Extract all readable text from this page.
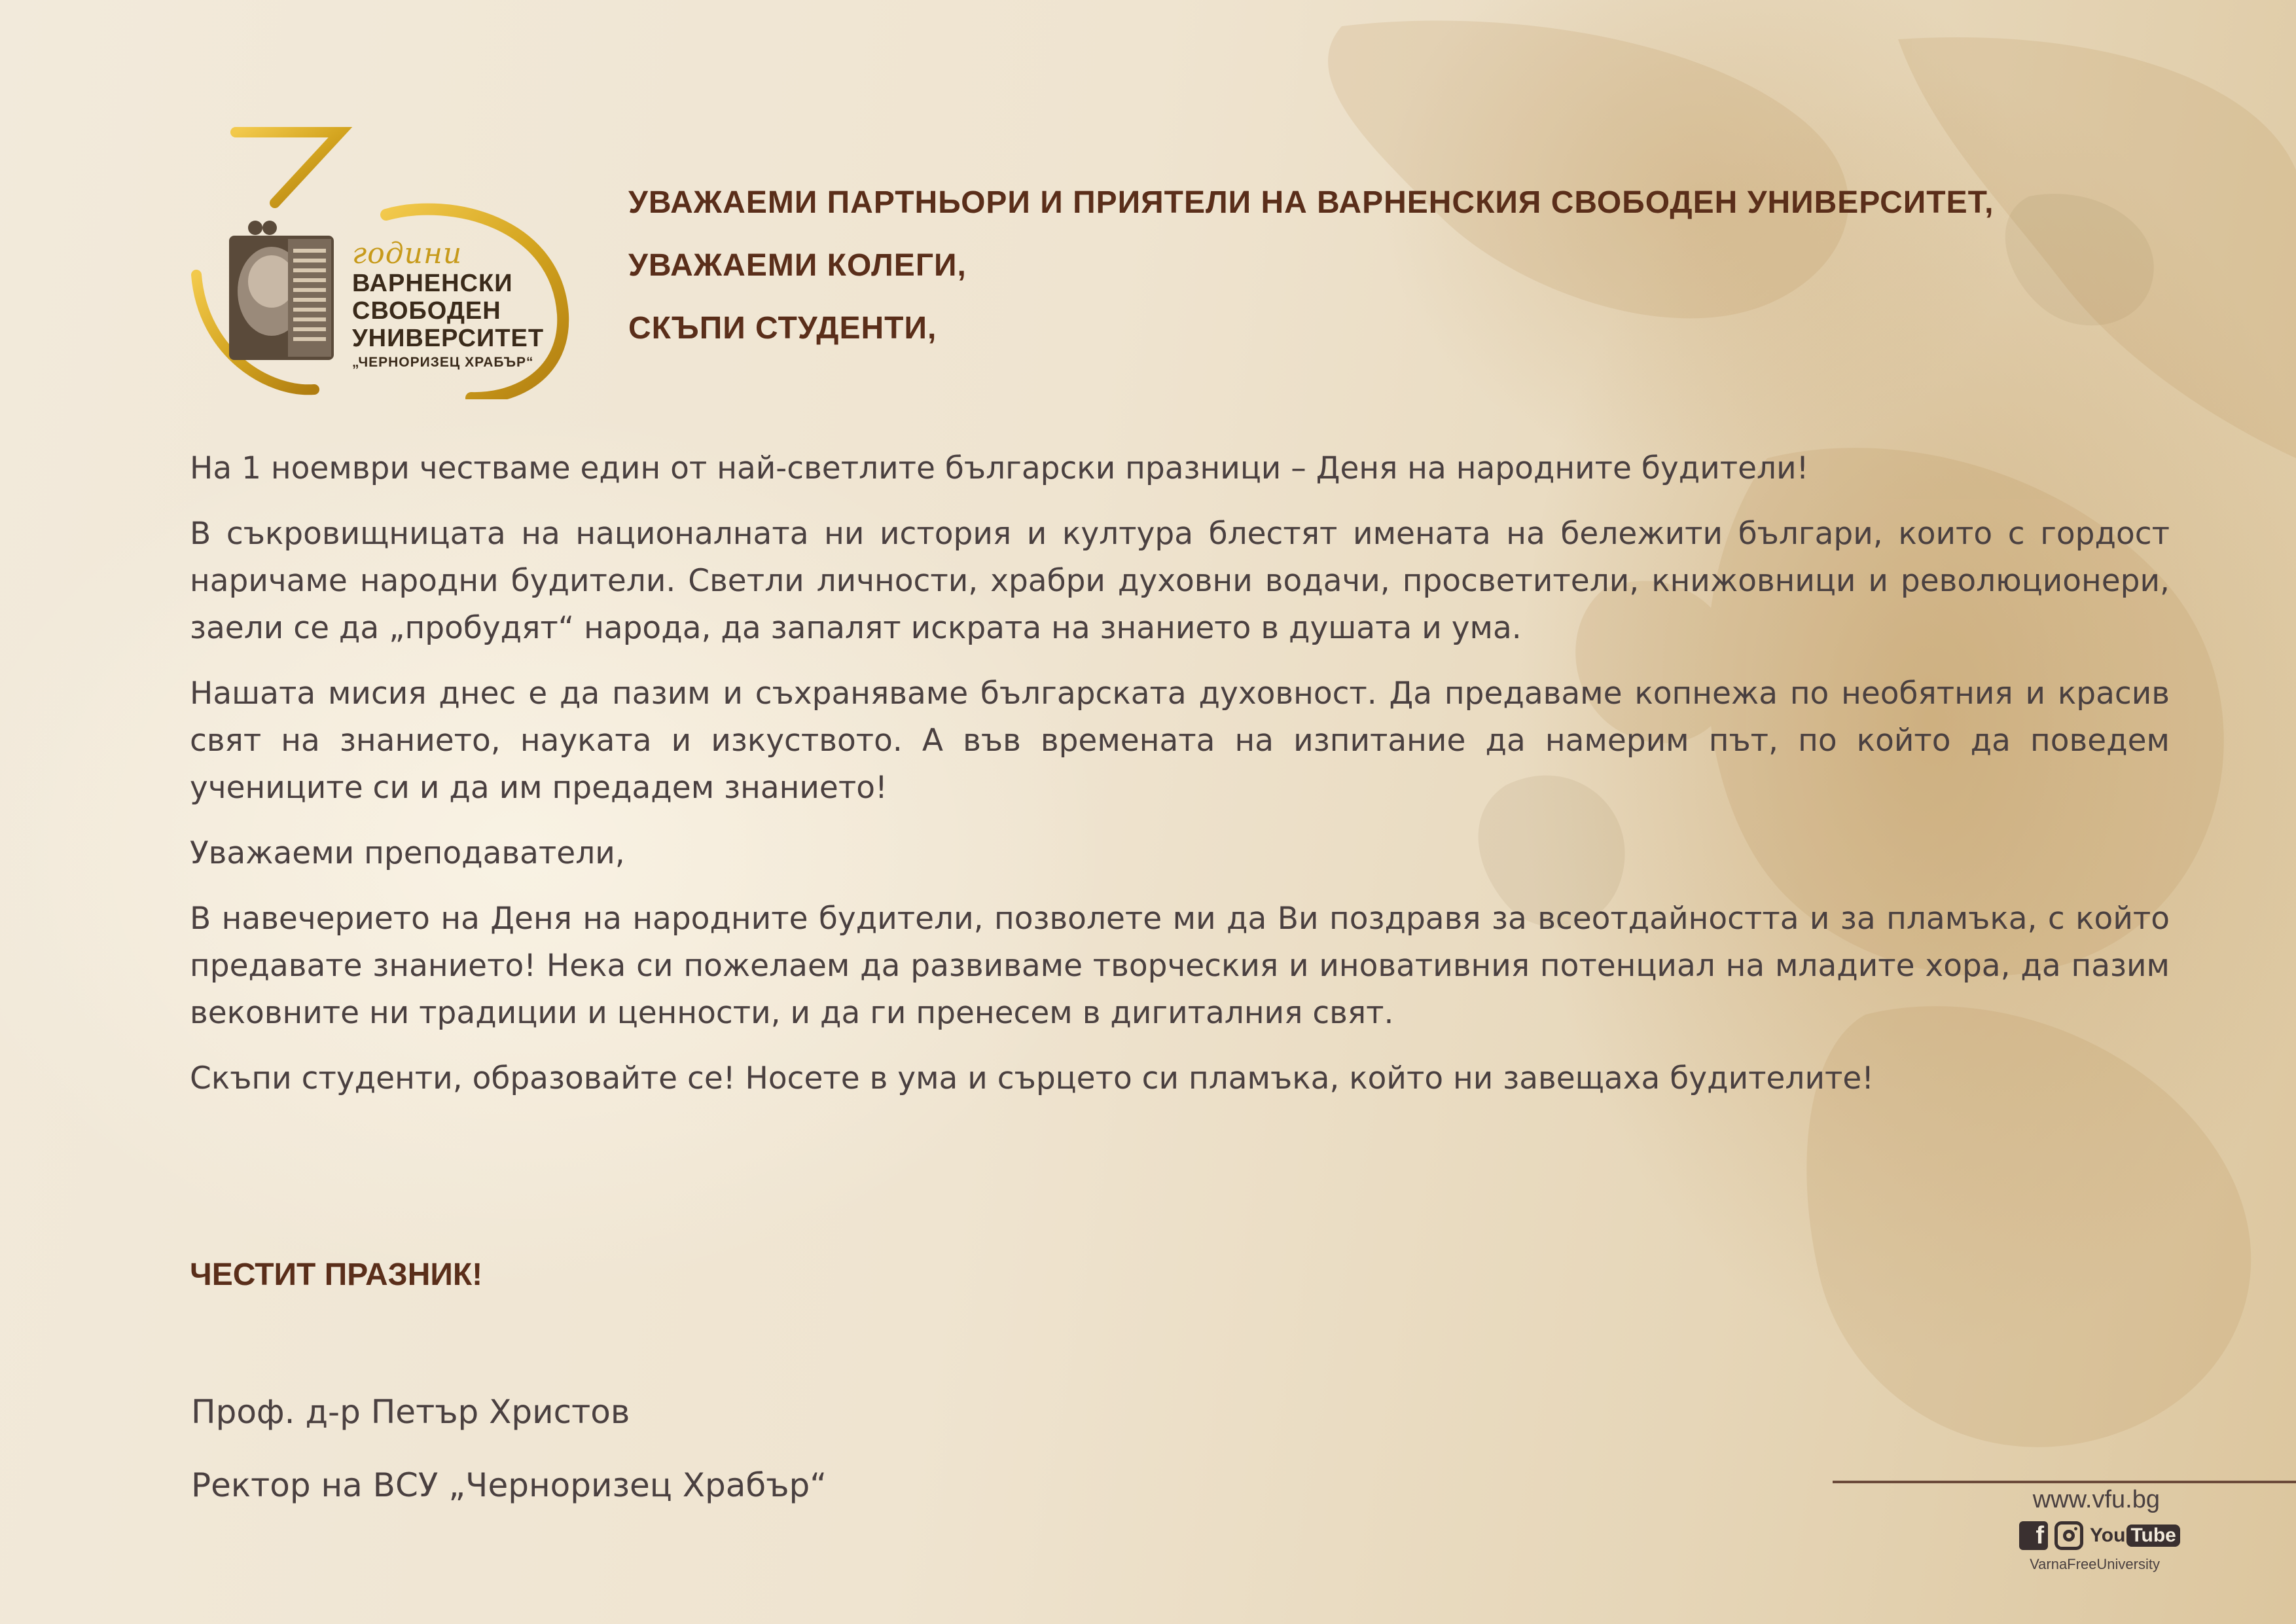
години
ВАРНЕНСКИ
СВОБОДЕН
УНИВЕРСИТЕТ
„ЧЕРНОРИЗЕЦ ХРАБЪР“
УВАЖАЕМИ ПАРТНЬОРИ И ПРИЯТЕЛИ НА ВАРНЕНСКИЯ СВОБОДЕН УНИВЕРСИТЕТ,
УВАЖАЕМИ КОЛЕГИ,
СКЪПИ СТУДЕНТИ,

На 1 ноември честваме един от най-светлите български празници – Деня на народните будители!

В съкровищницата на националната ни история и култура блестят имената на бележити българи, които с гордост наричаме народни будители. Светли личности, храбри духовни водачи, просветители, книжовници и революционери, заели се да „пробудят“ народа, да запалят искрата на знанието в душата и ума.

Нашата мисия днес е да пазим и съхраняваме българската духовност. Да предаваме копнежа по необятния и красив свят на знанието, науката и изкуството. А във времената на изпитание да намерим път, по който да поведем учениците си и да им предадем знанието!

Уважаеми преподаватели,

В навечерието на Деня на народните будители, позволете ми да Ви поздравя за всеотдайността и за пламъка, с който предавате знанието! Нека си пожелаем да развиваме творческия и иновативния потенциал на младите хора, да пазим вековните ни традиции и ценности, и да ги пренесем в дигиталния свят.

Скъпи студенти, образовайте се! Носете в ума и сърцето си пламъка, който ни завещаха будителите!

ЧЕСТИТ ПРАЗНИК!
Проф. д-р Петър Христов
Ректор на ВСУ „Черноризец Храбър“	www.vfu.bg
f You Tube
VarnaFreeUniversity
